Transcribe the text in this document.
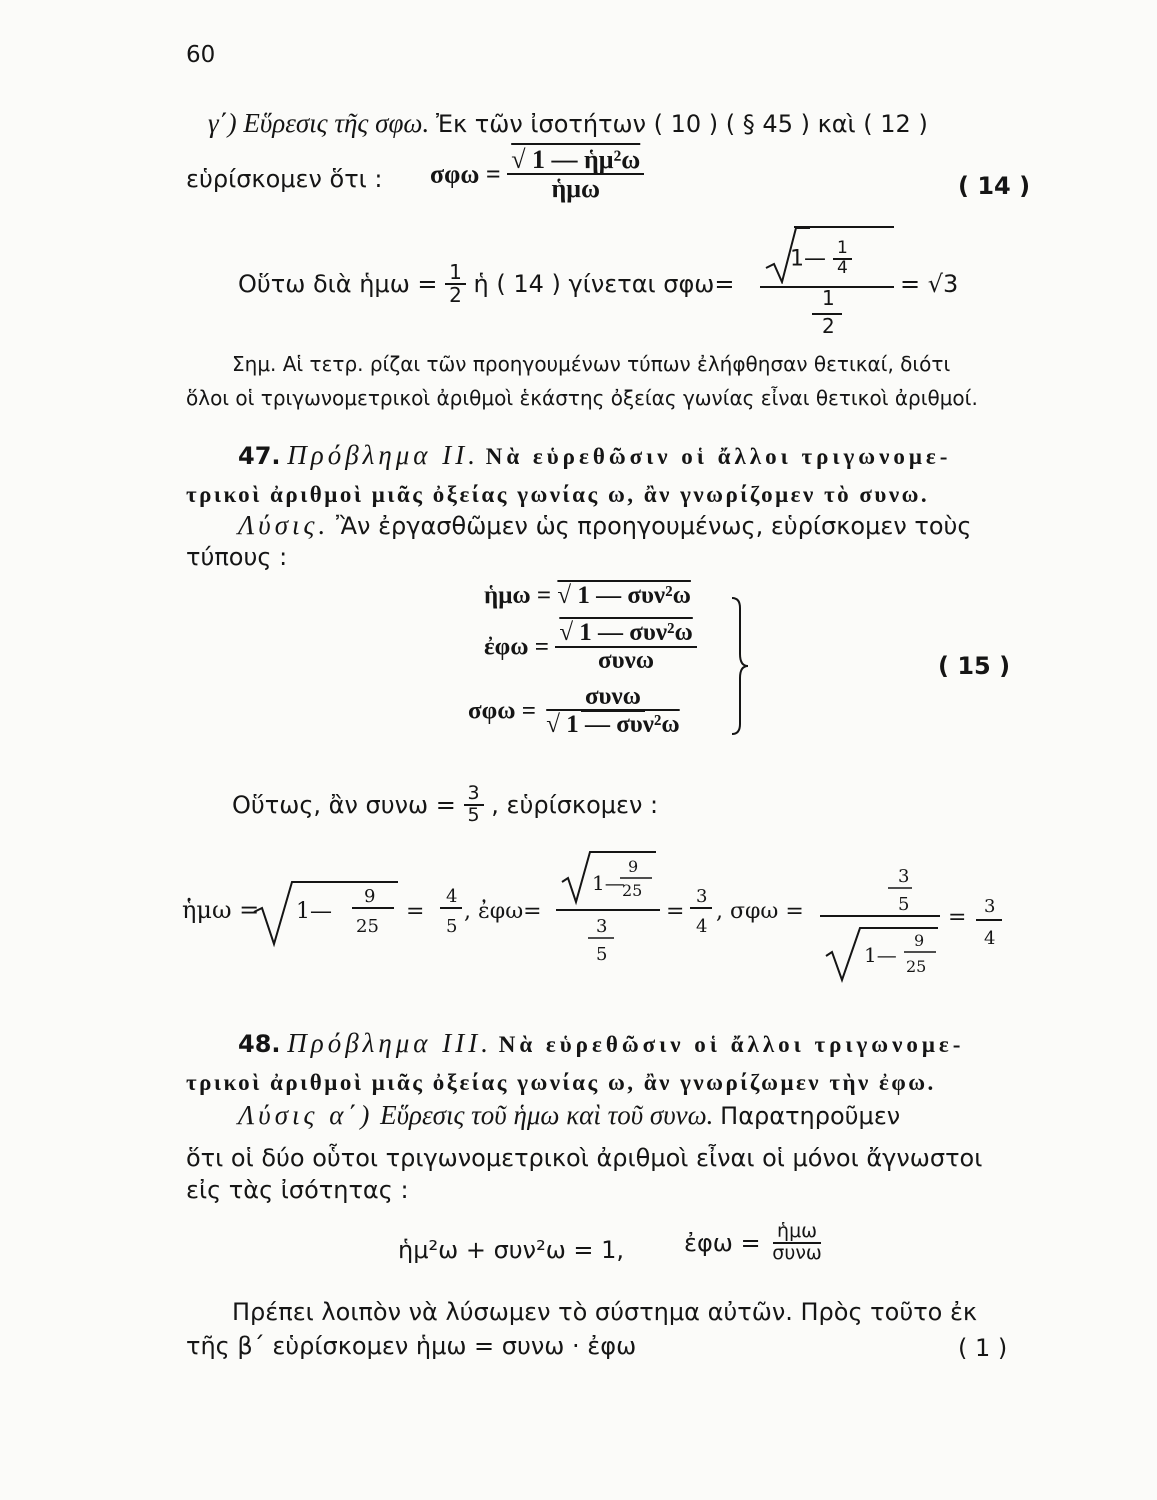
60
γ΄) Εὕρεσις τῆς σφω. Ἐκ τῶν ἰσοτήτων ( 10 ) ( § 45 ) καὶ ( 12 )
εὑρίσκομεν ὅτι : $\sigma\varphi\omega = \frac{\text{√ 1 — ἡμ²ω}}{\text{ἡμω}}$	( 14 )
Οὕτω διὰ ἡμω = $\frac{1}{2}$ ἡ ( 14 ) γίνεται σφω=
1— $\frac{1}{4}$
1
2
= √3
Σημ. Αἱ τετρ. ρίζαι τῶν προηγουμένων τύπων ἐλήφθησαν θετικαί, διότι
ὅλοι οἱ τριγωνομετρικοὶ ἀριθμοὶ ἑκάστης ὀξείας γωνίας εἶναι θετικοὶ ἀριθμοί.
47. Πρόβλημα II. Νὰ εὑρεθῶσιν οἱ ἄλλοι τριγωνομε-
τρικοὶ ἀριθμοὶ μιᾶς ὀξείας γωνίας ω, ἂν γνωρίζομεν τὸ συνω.
Λύσις. Ἂν ἐργασθῶμεν ὡς προηγουμένως, εὑρίσκομεν τοὺς
τύπους :
ἡμω = √ 1 — συν²ω
ἐφω = $\frac{\text{√ 1 — συν²ω}}{\text{συνω}}$
$\sigma\varphi\omega = \frac{\text{συνω}}{\text{√ 1 — συν²ω}}$
( 15 )
Οὕτως, ἂν $\sigma\upsilon\nu\omega = \frac{3}{5}$ , εὑρίσκομεν :
ἡμω = 1—
9
25
=
4
5
, ἐφω=
1—
9
25
3
5
=
3
4
, σφω =
3
5
1—
9
25
= 3
4
48. Πρόβλημα III. Νὰ εὑρεθῶσιν οἱ ἄλλοι τριγωνομε-
τρικοὶ ἀριθμοὶ μιᾶς ὀξείας γωνίας ω, ἂν γνωρίζωμεν τὴν ἐφω.
Λύσις α΄) Εὕρεσις τοῦ ἡμω καὶ τοῦ συνω. Παρατηροῦμεν
ὅτι οἱ δύο οὗτοι τριγωνομετρικοὶ ἀριθμοὶ εἶναι οἱ μόνοι ἄγνωστοι
εἰς τὰς ἰσότητας :
ἡμ²ω + συν²ω = 1, ἐφω = $\frac{\text{ἡμω}}{\text{συνω}}$
Πρέπει λοιπὸν νὰ λύσωμεν τὸ σύστημα αὐτῶν. Πρὸς τοῦτο ἐκ
τῆς β΄ εὑρίσκομεν ἡμω = συνω · ἐφω	( 1 )
